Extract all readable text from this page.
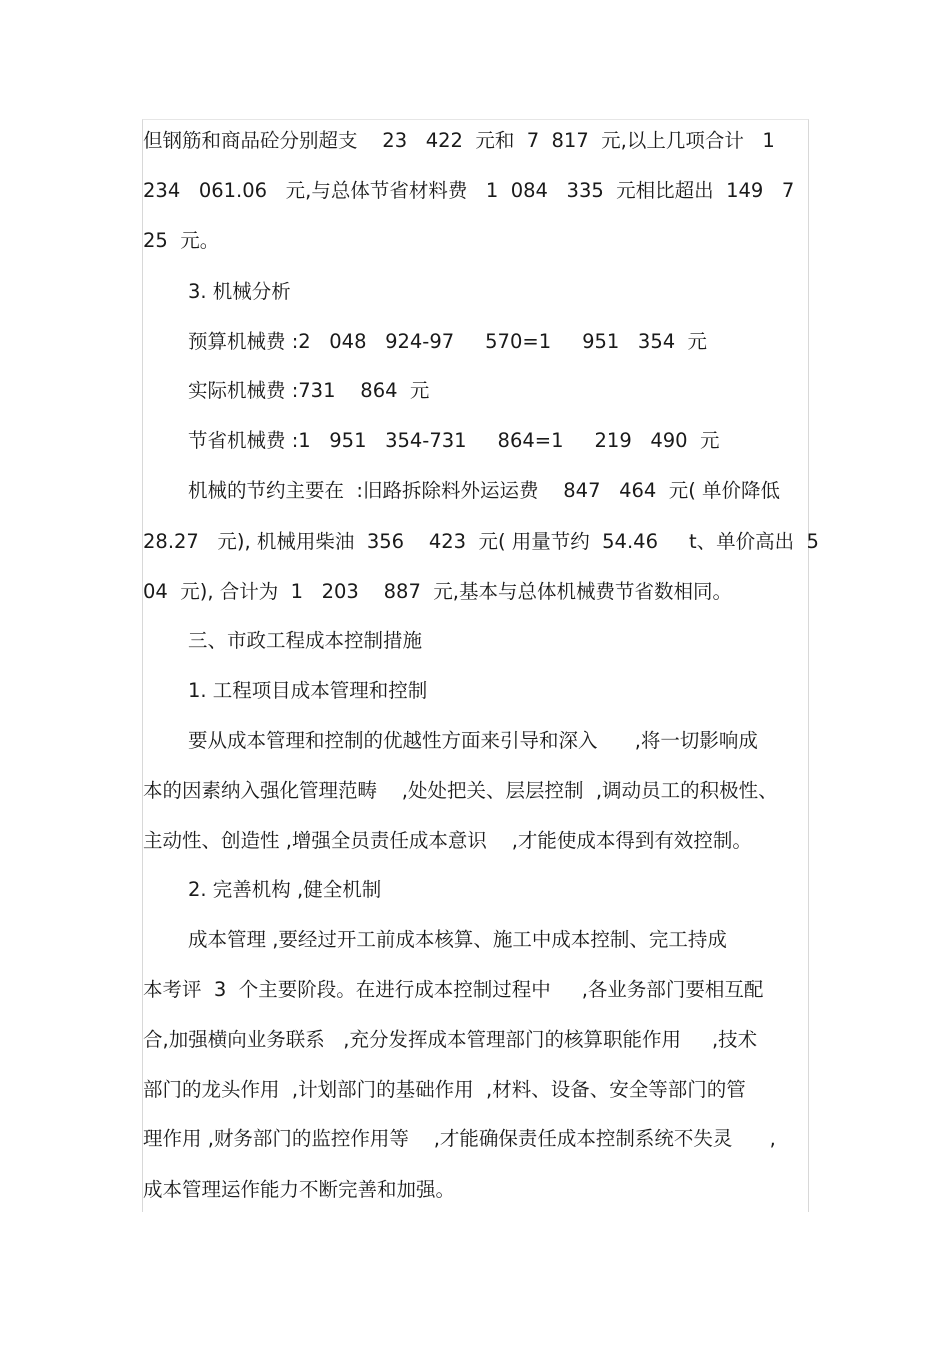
但钢筋和商品砼分别超支    23   422  元和  7  817  元,以上几项合计   1
234   061.06   元,与总体节省材料费   1  084   335  元相比超出  149   7
25  元。
3. 机械分析
预算机械费 :2   048   924-97     570=1     951   354  元
实际机械费 :731    864  元
节省机械费 :1   951   354-731     864=1     219   490  元
机械的节约主要在  :旧路拆除料外运运费    847   464  元( 单价降低
28.27   元), 机械用柴油  356    423  元( 用量节约  54.46     t、单价高出  5
04  元), 合计为  1   203    887  元,基本与总体机械费节省数相同。
三、市政工程成本控制措施
1. 工程项目成本管理和控制
要从成本管理和控制的优越性方面来引导和深入      ,将一切影响成
本的因素纳入强化管理范畴    ,处处把关、层层控制  ,调动员工的积极性、
主动性、创造性 ,增强全员责任成本意识    ,才能使成本得到有效控制。
2. 完善机构 ,健全机制
成本管理 ,要经过开工前成本核算、施工中成本控制、完工持成
本考评  3  个主要阶段。在进行成本控制过程中     ,各业务部门要相互配
合,加强横向业务联系   ,充分发挥成本管理部门的核算职能作用     ,技术
部门的龙头作用  ,计划部门的基础作用  ,材料、设备、安全等部门的管
理作用 ,财务部门的监控作用等    ,才能确保责任成本控制系统不失灵      ,
成本管理运作能力不断完善和加强。
